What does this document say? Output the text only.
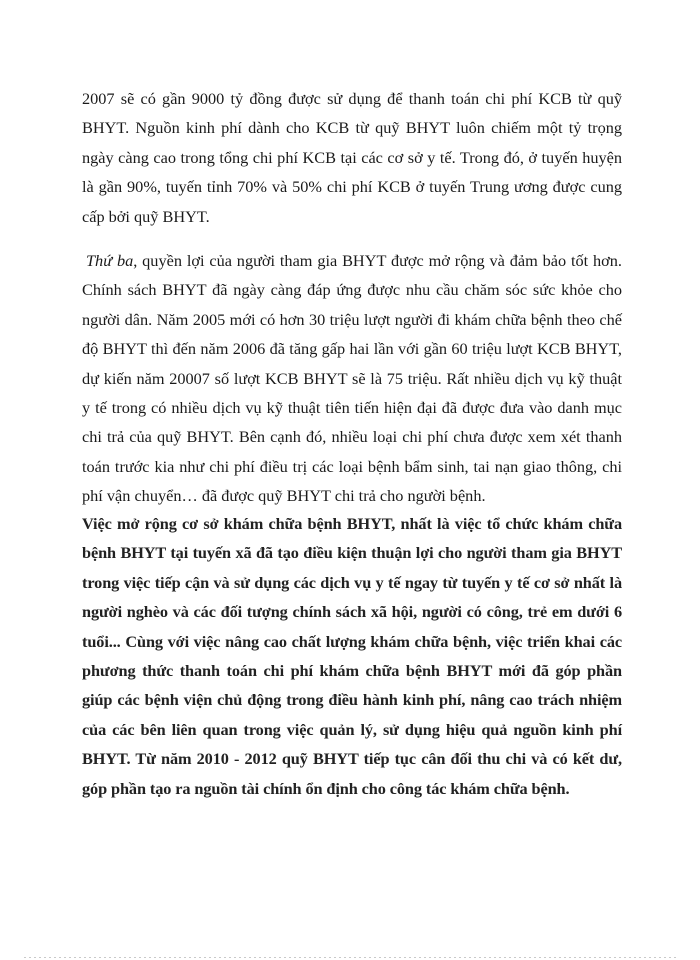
2007 sẽ có gần 9000 tỷ đồng được sử dụng để thanh toán chi phí KCB từ quỹ BHYT. Nguồn kinh phí dành cho KCB từ quỹ BHYT luôn chiếm một tỷ trọng ngày càng cao trong tổng chi phí KCB tại các cơ sở y tế. Trong đó, ở tuyến huyện là gần 90%, tuyến tỉnh 70% và 50% chi phí KCB ở tuyến Trung ương được cung cấp bởi quỹ BHYT.

Thứ ba, quyền lợi của người tham gia BHYT được mở rộng và đảm bảo tốt hơn. Chính sách BHYT đã ngày càng đáp ứng được nhu cầu chăm sóc sức khỏe cho người dân. Năm 2005 mới có hơn 30 triệu lượt người đi khám chữa bệnh theo chế độ BHYT thì đến năm 2006 đã tăng gấp hai lần với gần 60 triệu lượt KCB BHYT, dự kiến năm 20007 số lượt KCB BHYT sẽ là 75 triệu. Rất nhiều dịch vụ kỹ thuật y tế trong có nhiều dịch vụ kỹ thuật tiên tiến hiện đại đã được đưa vào danh mục chi trả của quỹ BHYT. Bên cạnh đó, nhiều loại chi phí chưa được xem xét thanh toán trước kia như chi phí điều trị các loại bệnh bẩm sinh, tai nạn giao thông, chi phí vận chuyển… đã được quỹ BHYT chi trả cho người bệnh.

Việc mở rộng cơ sở khám chữa bệnh BHYT, nhất là việc tổ chức khám chữa bệnh BHYT tại tuyến xã đã tạo điều kiện thuận lợi cho người tham gia BHYT trong việc tiếp cận và sử dụng các dịch vụ y tế ngay từ tuyến y tế cơ sở nhất là người nghèo và các đối tượng chính sách xã hội, người có công, trẻ em dưới 6 tuổi... Cùng với việc nâng cao chất lượng khám chữa bệnh, việc triển khai các phương thức thanh toán chi phí khám chữa bệnh BHYT mới đã góp phần giúp các bệnh viện chủ động trong điều hành kinh phí, nâng cao trách nhiệm của các bên liên quan trong việc quản lý, sử dụng hiệu quả nguồn kinh phí BHYT. Từ năm 2010 - 2012 quỹ BHYT tiếp tục cân đối thu chi và có kết dư, góp phần tạo ra nguồn tài chính ổn định cho công tác khám chữa bệnh.
